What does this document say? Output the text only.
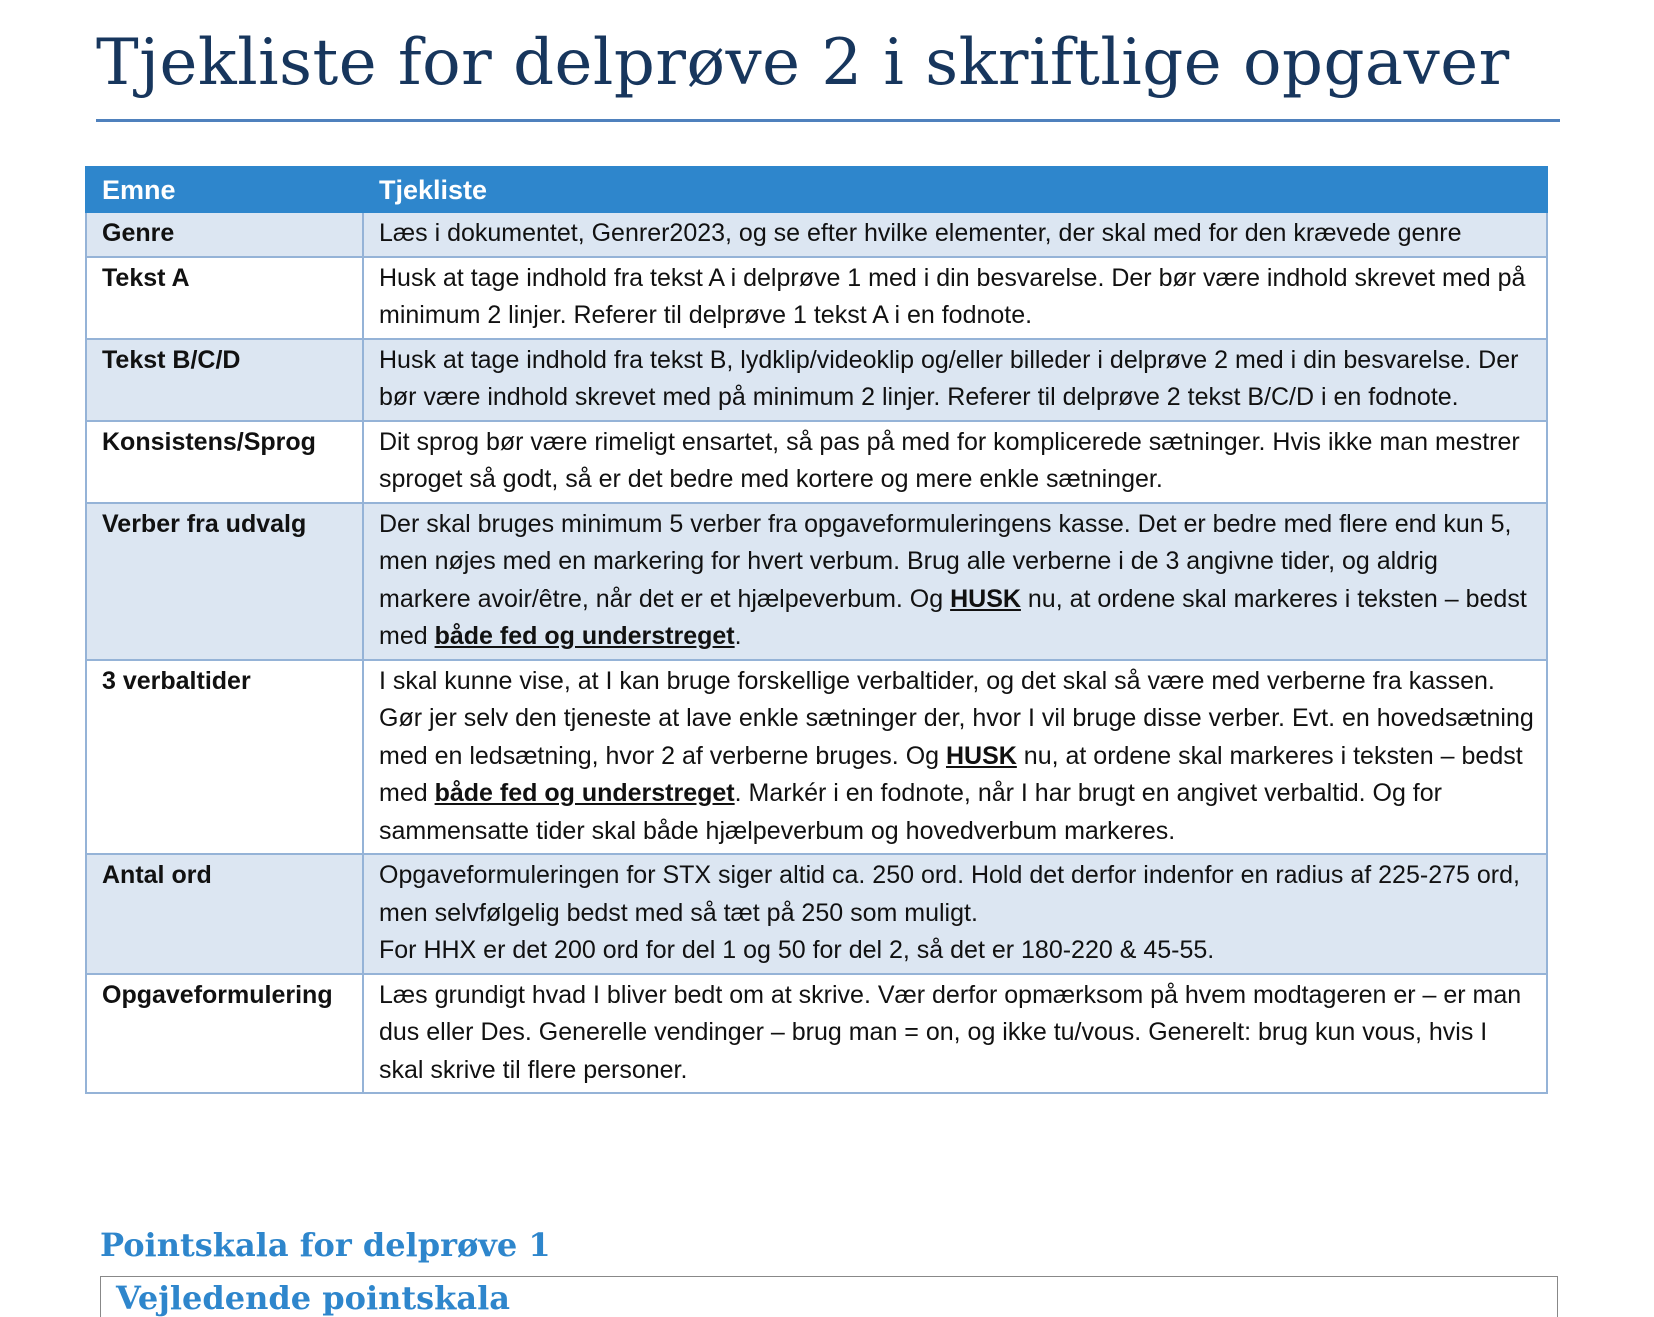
Tjekliste for delprøve 2 i skriftlige opgaver
Emne	Tjekliste
Genre	Læs i dokumentet, Genrer2023, og se efter hvilke elementer, der skal med for den krævede genre
Tekst A	Husk at tage indhold fra tekst A i delprøve 1 med i din besvarelse. Der bør være indhold skrevet med på minimum 2 linjer. Referer til delprøve 1 tekst A i en fodnote.
Tekst B/C/D	Husk at tage indhold fra tekst B, lydklip/videoklip og/eller billeder i delprøve 2 med i din besvarelse. Der bør være indhold skrevet med på minimum 2 linjer. Referer til delprøve 2 tekst B/C/D i en fodnote.
Konsistens/Sprog	Dit sprog bør være rimeligt ensartet, så pas på med for komplicerede sætninger. Hvis ikke man mestrer sproget så godt, så er det bedre med kortere og mere enkle sætninger.
Verber fra udvalg	Der skal bruges minimum 5 verber fra opgaveformuleringens kasse. Det er bedre med flere end kun 5, men nøjes med en markering for hvert verbum. Brug alle verberne i de 3 angivne tider, og aldrig markere avoir/être, når det er et hjælpeverbum. Og HUSK nu, at ordene skal markeres i teksten – bedst med både fed og understreget.
3 verbaltider	I skal kunne vise, at I kan bruge forskellige verbaltider, og det skal så være med verberne fra kassen. Gør jer selv den tjeneste at lave enkle sætninger der, hvor I vil bruge disse verber. Evt. en hovedsætning med en ledsætning, hvor 2 af verberne bruges. Og HUSK nu, at ordene skal markeres i teksten – bedst med både fed og understreget. Markér i en fodnote, når I har brugt en angivet verbaltid. Og for sammensatte tider skal både hjælpeverbum og hovedverbum markeres.
Antal ord	Opgaveformuleringen for STX siger altid ca. 250 ord. Hold det derfor indenfor en radius af 225-275 ord, men selvfølgelig bedst med så tæt på 250 som muligt.
For HHX er det 200 ord for del 1 og 50 for del 2, så det er 180-220 & 45-55.
Opgaveformulering	Læs grundigt hvad I bliver bedt om at skrive. Vær derfor opmærksom på hvem modtageren er – er man dus eller Des. Generelle vendinger – brug man = on, og ikke tu/vous. Generelt: brug kun vous, hvis I skal skrive til flere personer.
Pointskala for delprøve 1
Vejledende pointskala
